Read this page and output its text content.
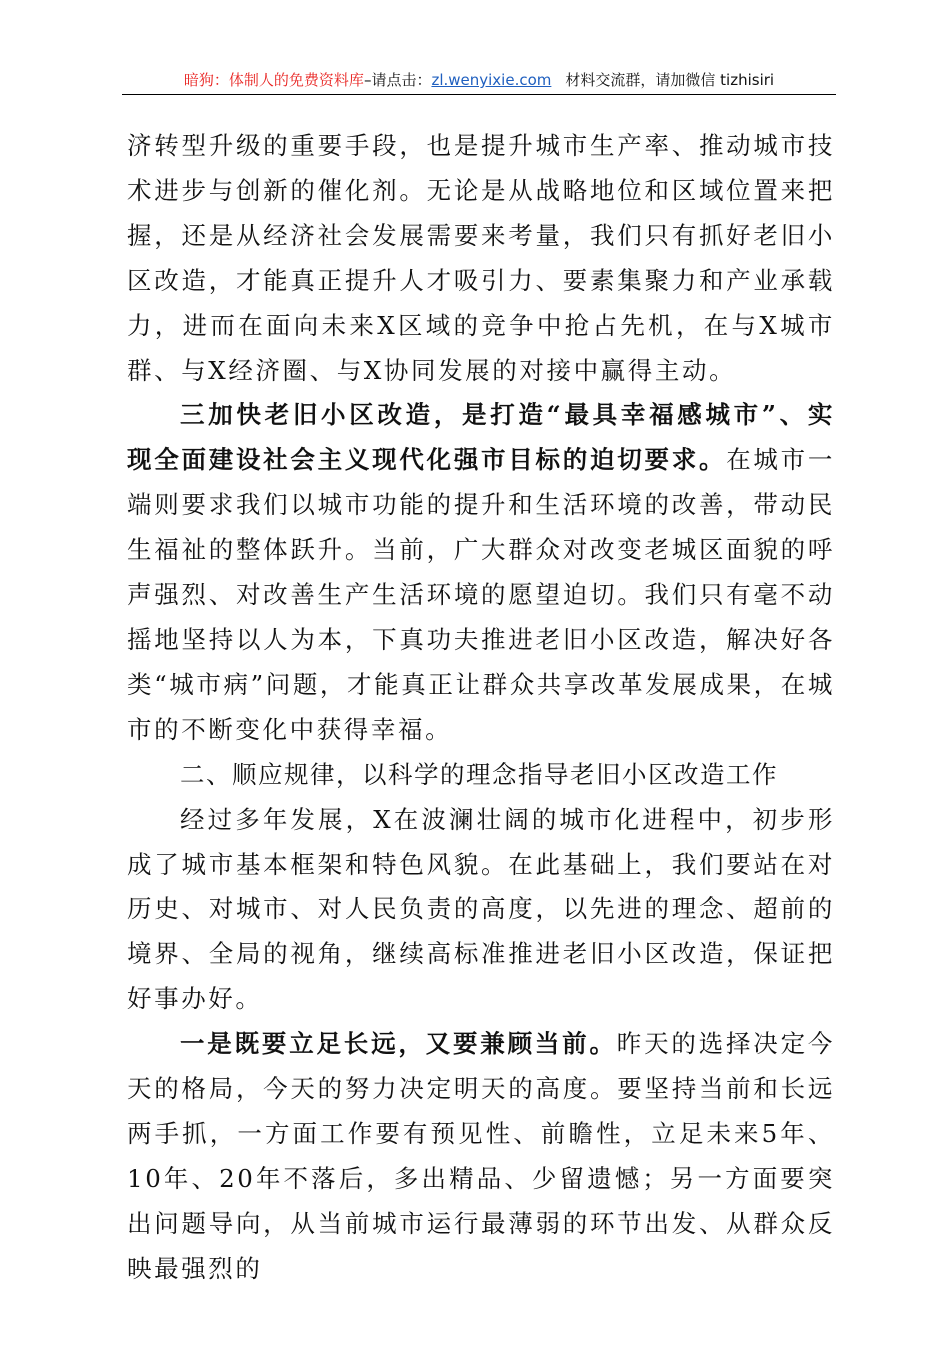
暗狗：体制人的免费资料库–请点击：zl.wenyixie.com 材料交流群，请加微信 tizhisiri

济转型升级的重要手段，也是提升城市生产率、推动城市技术进步与创新的催化剂。无论是从战略地位和区域位置来把握，还是从经济社会发展需要来考量，我们只有抓好老旧小区改造，才能真正提升人才吸引力、要素集聚力和产业承载力，进而在面向未来X区域的竞争中抢占先机，在与X城市群、与X经济圈、与X协同发展的对接中赢得主动。

三加快老旧小区改造，是打造“最具幸福感城市”、实现全面建设社会主义现代化强市目标的迫切要求。在城市一端则要求我们以城市功能的提升和生活环境的改善，带动民生福祉的整体跃升。当前，广大群众对改变老城区面貌的呼声强烈、对改善生产生活环境的愿望迫切。我们只有毫不动摇地坚持以人为本，下真功夫推进老旧小区改造，解决好各类“城市病”问题，才能真正让群众共享改革发展成果，在城市的不断变化中获得幸福。

二、顺应规律，以科学的理念指导老旧小区改造工作

经过多年发展，X在波澜壮阔的城市化进程中，初步形成了城市基本框架和特色风貌。在此基础上，我们要站在对历史、对城市、对人民负责的高度，以先进的理念、超前的境界、全局的视角，继续高标准推进老旧小区改造，保证把好事办好。

一是既要立足长远，又要兼顾当前。昨天的选择决定今天的格局，今天的努力决定明天的高度。要坚持当前和长远两手抓，一方面工作要有预见性、前瞻性，立足未来5年、10年、20年不落后，多出精品、少留遗憾；另一方面要突出问题导向，从当前城市运行最薄弱的环节出发、从群众反映最强烈的
